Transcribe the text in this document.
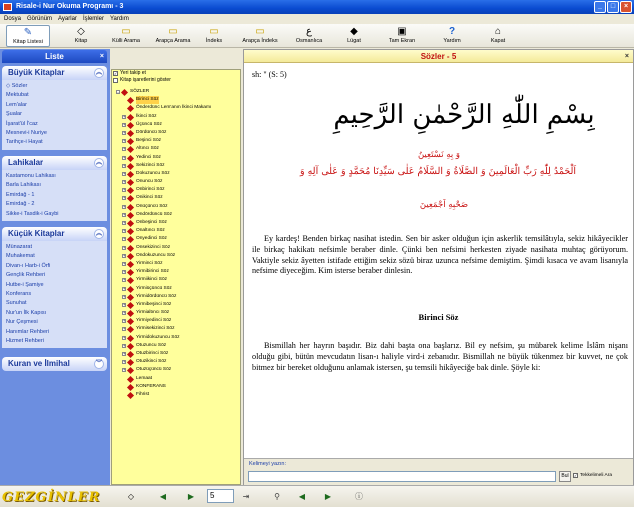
Risale-i Nur Okuma Programı - 3	_	□	×
Dosya Görünüm Ayarlar İşlemler Yardım
✎
Kitap Listesi
◇
Kitap
▭
Külli Arama
▭
Arapça Arama
▭
İndeks
▭
Arapça İndeks
ع
Osmanlıca
◆
Lügat
▣
Tam Ekran
?
Yardım
⌂
Kapat
Liste	×
Büyük Kitaplar	︽
◇ Sözler
Mektubat
Lem'alar
Şualar
İşarat'ül İ'caz
Mesnevi-i Nuriye
Tarihçe-i Hayat
Lahikalar	︽
Kastamonu Lahikası
Barla Lahikası
Emirdağ - 1
Emirdağ - 2
Sikke-i Tasdik-i Gaybi
Küçük Kitaplar	︽
Münazarat
Muhakemat
Divan-ı Harb-i Örfi
Gençlik Rehberi
Hutbe-i Şamiye
Konferans
Sunuhat
Nur'un İlk Kapısı
Nur Çeşmesi
Hanımlar Rehberi
Hizmet Rehberi
Kuran ve İlmihal	︾
- SÖZLER
Birinci Söz
Önderdünc Lem'anın İkinci Makamı
+ İkinci Söz
+ Üçüncü Söz
+ Dördüncü Söz
+ Beşinci Söz
+ Altıncı Söz
+ Yedinci Söz
+ Sekizinci Söz
+ Dokuzuncu Söz
+ Onuncu Söz
+ Onbirinci Söz
+ Onikinci Söz
+ Onüçüncü Söz
+ Ondördüncü Söz
+ Onbeşinci Söz
+ Onaltıncı Söz
+ Onyedinci Söz
+ Onsekizinci Söz
+ Ondokuzuncu Söz
+ Yirminci Söz
+ Yirmibirinci Söz
+ Yirmiikinci Söz
+ Yirmiüçüncü Söz
+ Yirmidördüncü Söz
+ Yirmibeşinci Söz
+ Yirmialtıncı Söz
+ Yirmiyedinci Söz
+ Yirmisekizinci Söz
+ Yirmidokuzuncu Söz
+ Otuzuncu Söz
+ Otuzbirinci Söz
+ Otuzikinci Söz
+ Otuzüçüncü Söz
Lemaat
KONFERANS
Fihrist
✓ Yeri takip et
Kitap işaretlerini göster
Sözler - 5	×
sh: " (S: 5)
بِسْمِ اللّٰهِ الرَّحْمٰنِ الرَّحِيمِ
وَ بِهِ نَسْتَعِينُ
اَلْحَمْدُ لِلّٰهِ رَبِّ الْعَالَمِينَ وَ الصَّلَاةُ وَ السَّلَامُ عَلٰى سَيِّدِنَا مُحَمَّدٍ وَ عَلٰى آلِهِ وَ
صَحْبِهِ اَجْمَعِينَ
Ey kardeş! Benden birkaç nasihat istedin. Sen bir asker olduğun için askerlik temsilâtıyla, sekiz hikâyecikler ile birkaç hakikatı nefsimle beraber dinle. Çünki ben nefsimi herkesten ziyade nasihata muhtaç görüyorum. Vaktiyle sekiz âyetten istifade ettiğim sekiz sözü biraz uzunca nefsime demiştim. Şimdi kısaca ve avam lisanıyla nefsime diyeceğim. Kim isterse beraber dinlesin.
Birinci Söz
Bismillah her hayrın başıdır. Biz dahi başta ona başlarız. Bil ey nefsim, şu mübarek kelime İslâm nişanı olduğu gibi, bütün mevcudatın lisan-ı haliyle vird-i zebanıdır. Bismillah ne büyük tükenmez bir kuvvet, ne çok bitmez bir bereket olduğunu anlamak istersen, şu temsili hikâyeciğe bak dinle. Şöyle ki:
Kelimeyi yazın:
Bul	✓ Tekkelimeli Ara
GEZGİNLER	◇	◀	▶	5	⇥	⚲	◀	▶	ⓘ
